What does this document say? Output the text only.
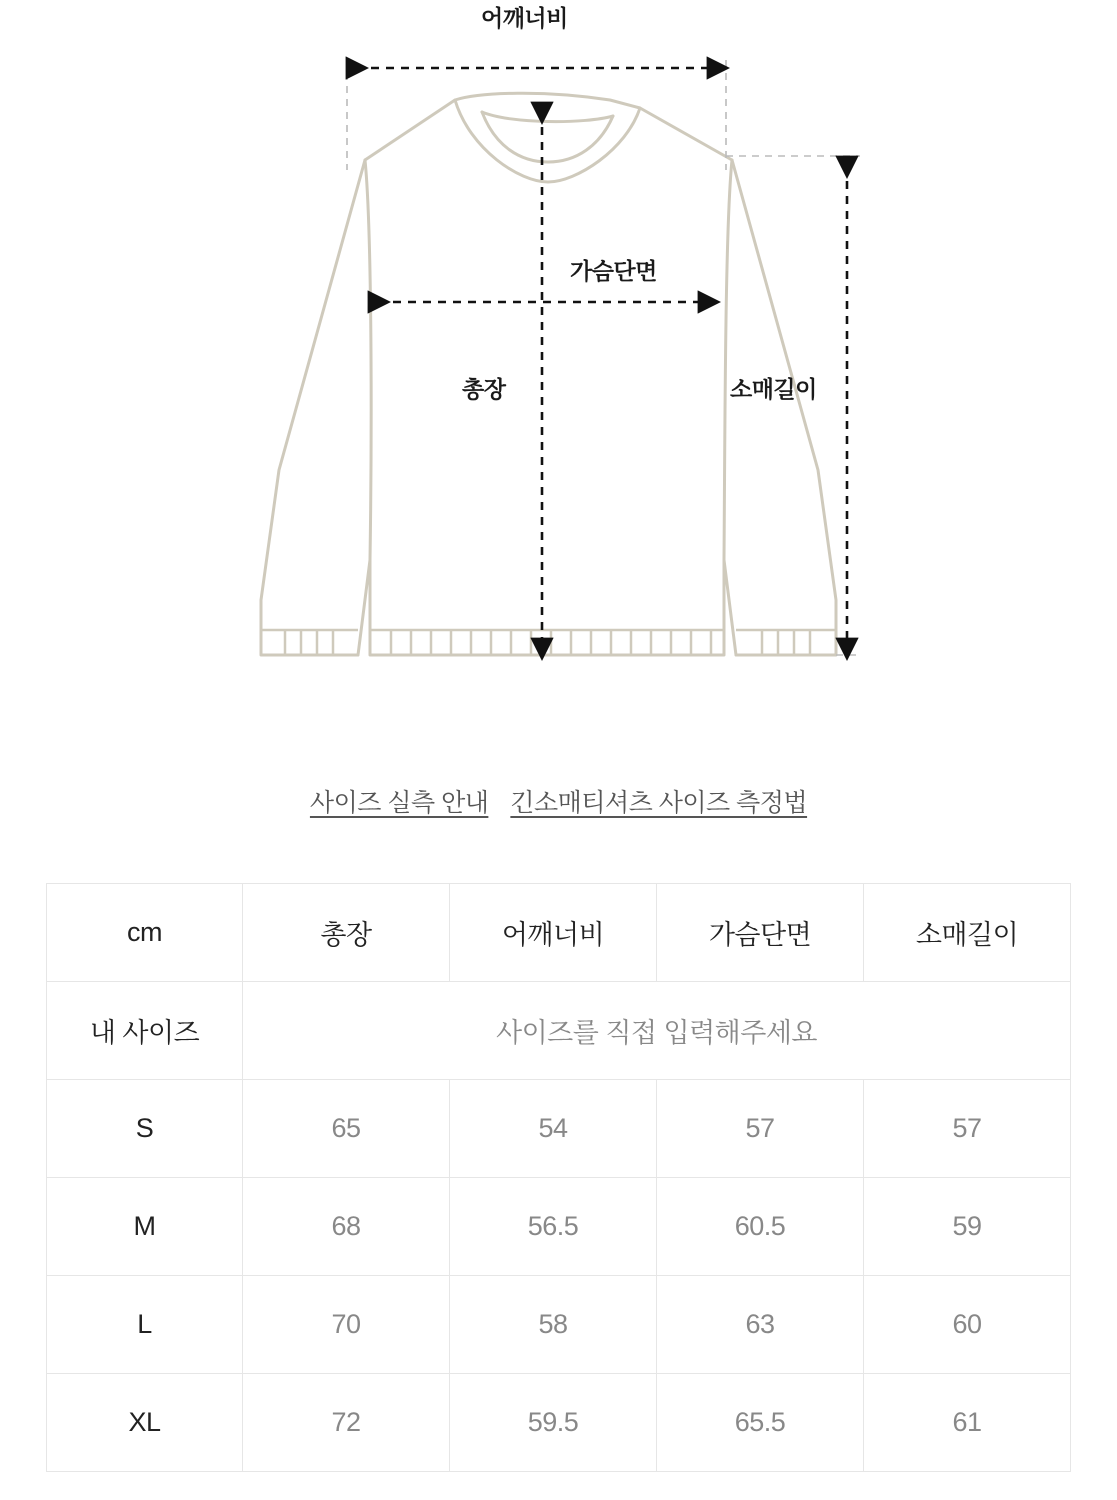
어깨너비
가슴단면
총장	소매길이
사이즈 실측 안내 긴소매티셔츠 사이즈 측정법
cm	총장	어깨너비	가슴단면	소매길이
내 사이즈	사이즈를 직접 입력해주세요			
S	65	54	57	57
M	68	56.5	60.5	59
L	70	58	63	60
XL	72	59.5	65.5	61
